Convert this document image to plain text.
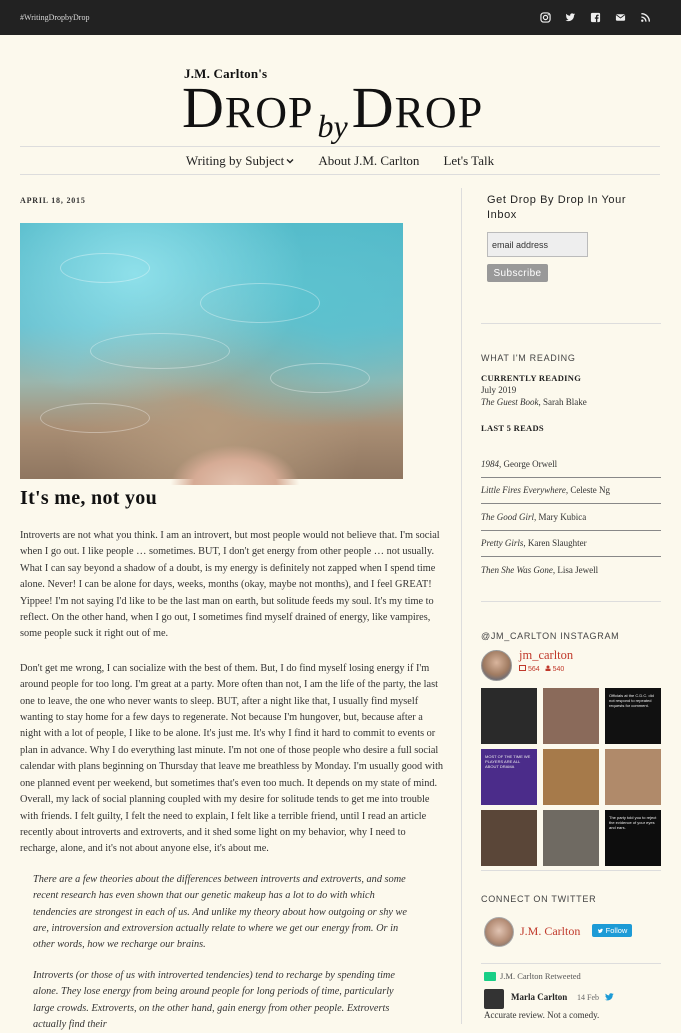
#WritingDropbyDrop
J.M. Carlton's
D ROP by D ROP
Writing by Subject	About J.M. Carlton Let's Talk
APRIL 18, 2015
It's me, not you

Introverts are not what you think. I am an introvert, but most people would not believe that. I'm social when I go out. I like people … sometimes. BUT, I don't get energy from other people … not usually. What I can say beyond a shadow of a doubt, is my energy is definitely not zapped when I spend time alone. Never! I can be alone for days, weeks, months (okay, maybe not months), and I feel GREAT! Yippee! I'm not saying I'd like to be the last man on earth, but solitude feeds my soul. It's my time to reflect. On the other hand, when I go out, I sometimes find myself drained of energy, like vampires, some people suck it right out of me.

Don't get me wrong, I can socialize with the best of them. But, I do find myself losing energy if I'm around people for too long. I'm great at a party. More often than not, I am the life of the party, the last one to leave, the one who never wants to sleep. BUT, after a night like that, I usually find myself wanting to stay home for a few days to regenerate. Not because I'm hungover, but, because after a night with a lot of people, I like to be alone. It's just me. It's why I find it hard to commit to events or plan in advance. Why I do everything last minute. I'm not one of those people who desire a full social calendar with plans beginning on Thursday that leave me breathless by Monday. I'm usually good with one planned event per weekend, but sometimes that's even too much. It depends on my state of mind. Overall, my lack of social planning coupled with my desire for solitude tends to get me into trouble with friends. I felt guilty, I felt the need to explain, I felt like a terrible friend, until I read an article recently about introverts and extroverts, and it shed some light on my behavior, why I need to recharge, alone, and it's not about anyone else, it's about me.

There are a few theories about the differences between introverts and extroverts, and some recent research has even shown that our genetic makeup has a lot to do with which tendencies are strongest in each of us. And unlike my theory about how outgoing or shy we are, introversion and extroversion actually relate to where we get our energy from. Or in other words, how we recharge our brains.

Introverts (or those of us with introverted tendencies) tend to recharge by spending time alone. They lose energy from being around people for long periods of time, particularly large crowds. Extroverts, on the other hand, gain energy from other people. Extroverts actually find their

Get Drop By Drop In Your Inbox
email address
Subscribe
WHAT I'M READING
CURRENTLY READING
July 2019
The Guest Book, Sarah Blake
LAST 5 READS
1984, George Orwell
Little Fires Everywhere, Celeste Ng
The Good Girl, Mary Kubica
Pretty Girls, Karen Slaughter
Then She Was Gone, Lisa Jewell
@JM_CARLTON INSTAGRAM
jm_carlton
564	540
Officials at the C.D.C. did not respond to repeated requests for comment.
MOST OF THE TIME WE PLAYERS ARE ALL ABOUT DRAMA
The party told you to reject the evidence of your eyes and ears.
CONNECT ON TWITTER
J.M. Carlton	Follow
J.M. Carlton Retweeted
Marla Carlton 14 Feb
Accurate review. Not a comedy.
